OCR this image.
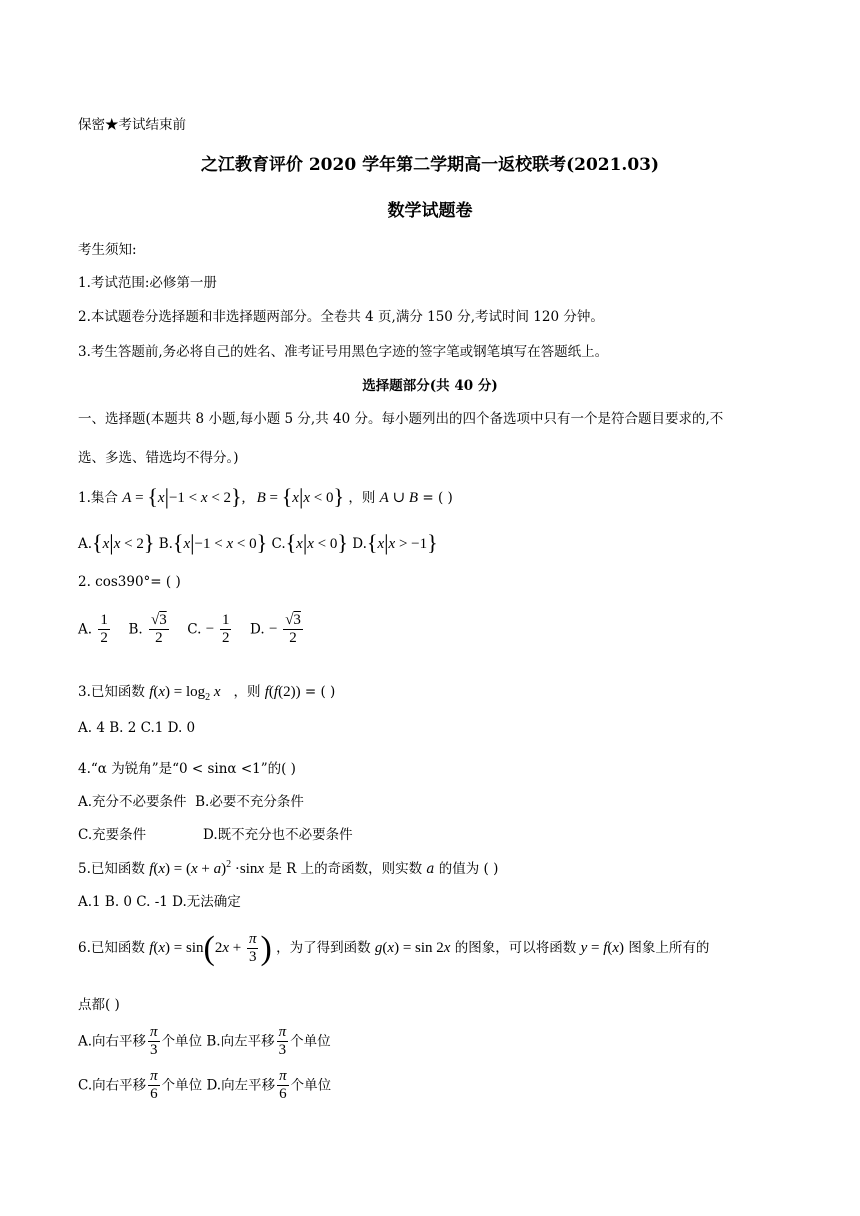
保密★考试结束前
之江教育评价 2020 学年第二学期高一返校联考(2021.03)
数学试题卷
考生须知:
1.考试范围:必修第一册
2.本试题卷分选择题和非选择题两部分。全卷共 4 页,满分 150 分,考试时间 120 分钟。
3.考生答题前,务必将自己的姓名、准考证号用黑色字迹的签字笔或钢笔填写在答题纸上。
选择题部分(共 40 分)
一、选择题(本题共 8 小题,每小题 5 分,共 40 分。每小题列出的四个备选项中只有一个是符合题目要求的,不
选、多选、错选均不得分。)
1.集合 A = {x|−1 < x < 2},   B = {x|x < 0} ，则 A ∪ B = ( )
A.{x|x < 2} B.{x|−1 < x < 0} C.{x|x < 0} D.{x|x > −1}
2. cos390°= ( )
A. $\frac{1}{2} B$. $\frac{√3}{2} C$. − $\frac{1}{2} D$. − $\frac{√3}{2}$
3.已知函数 $f(x) = \log_2 x$ ，则 f(f(2)) = ( )
A. 4 B. 2 C.1 D. 0
4.“α 为锐角”是“0 < sinα <1”的( )
A.充分不必要条件 B.必要不充分条件
C.充要条件	D.既不充分也不必要条件
5.已知函数 $f(x) = (x + a)^2 \cdot\sin x$ 是 R 上的奇函数，则实数 a 的值为 ( )
A.1 B. 0 C. -1 D.无法确定
6.已知函数 $f(x) = \sin(2x + \frac{\pi}{3}$ ) ，为了得到函数 g(x) = sin 2x 的图象，可以将函数 y = f(x) 图象上所有的
点都( )
A.向右平移 $\frac{\pi}{3}$ 个单位 B.向左平移 $\frac{\pi}{3}$ 个单位
C.向右平移 $\frac{\pi}{6}$ 个单位 D.向左平移 $\frac{\pi}{6}$ 个单位
